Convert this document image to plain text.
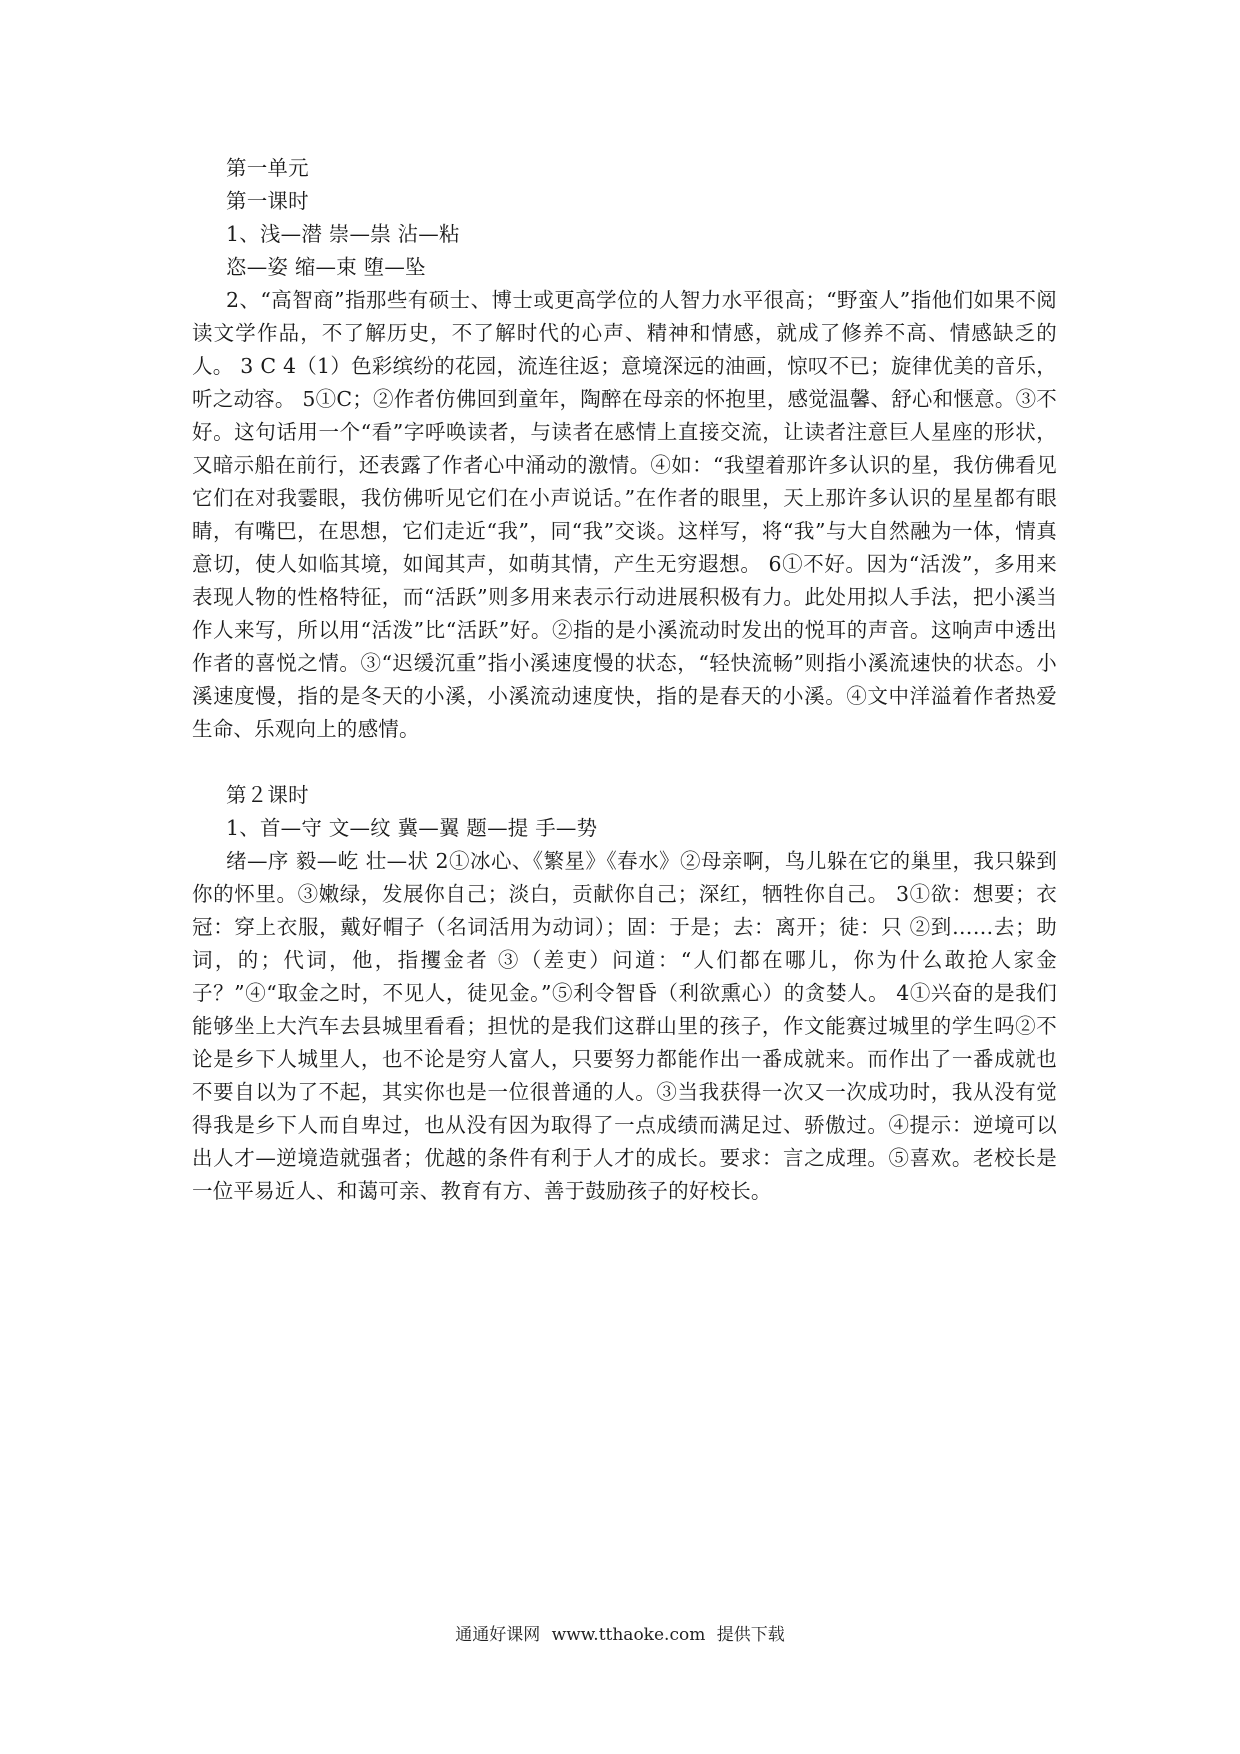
第一单元

第一课时

1、浅—潜 崇—祟 沾—粘

恣—姿 缩—束 堕—坠

2、“高智商”指那些有硕士、博士或更高学位的人智力水平很高；“野蛮人”指他们如果不阅读文学作品，不了解历史，不了解时代的心声、精神和情感，就成了修养不高、情感缺乏的人。 3 C 4（1）色彩缤纷的花园，流连往返；意境深远的油画，惊叹不已；旋律优美的音乐，听之动容。 5①C；②作者仿佛回到童年，陶醉在母亲的怀抱里，感觉温馨、舒心和惬意。③不好。这句话用一个“看”字呼唤读者，与读者在感情上直接交流，让读者注意巨人星座的形状，又暗示船在前行，还表露了作者心中涌动的激情。④如：“我望着那许多认识的星，我仿佛看见它们在对我霎眼，我仿佛听见它们在小声说话。”在作者的眼里，天上那许多认识的星星都有眼睛，有嘴巴，在思想，它们走近“我”，同“我”交谈。这样写，将“我”与大自然融为一体，情真意切，使人如临其境，如闻其声，如萌其情，产生无穷遐想。 6①不好。因为“活泼”，多用来表现人物的性格特征，而“活跃”则多用来表示行动进展积极有力。此处用拟人手法，把小溪当作人来写，所以用“活泼”比“活跃”好。②指的是小溪流动时发出的悦耳的声音。这响声中透出作者的喜悦之情。③“迟缓沉重”指小溪速度慢的状态，“轻快流畅”则指小溪流速快的状态。小溪速度慢，指的是冬天的小溪，小溪流动速度快，指的是春天的小溪。④文中洋溢着作者热爱生命、乐观向上的感情。

第２课时

1、首—守 文—纹 冀—翼 题—提 手—势

绪—序 毅—屹 壮—状 2①冰心、《繁星》《春水》②母亲啊，鸟儿躲在它的巢里，我只躲到你的怀里。③嫩绿，发展你自己；淡白，贡献你自己；深红，牺牲你自己。 3①欲：想要；衣冠：穿上衣服，戴好帽子（名词活用为动词）；固：于是；去：离开；徒：只 ②到……去；助词，的；代词，他，指攫金者 ③（差吏）问道：“人们都在哪儿，你为什么敢抢人家金子？”④“取金之时，不见人，徒见金。”⑤利令智昏（利欲熏心）的贪婪人。 4①兴奋的是我们能够坐上大汽车去县城里看看；担忧的是我们这群山里的孩子，作文能赛过城里的学生吗②不论是乡下人城里人，也不论是穷人富人，只要努力都能作出一番成就来。而作出了一番成就也不要自以为了不起，其实你也是一位很普通的人。③当我获得一次又一次成功时，我从没有觉得我是乡下人而自卑过，也从没有因为取得了一点成绩而满足过、骄傲过。④提示：逆境可以出人才—逆境造就强者；优越的条件有利于人才的成长。要求：言之成理。⑤喜欢。老校长是一位平易近人、和蔼可亲、教育有方、善于鼓励孩子的好校长。

通通好课网 www.tthaoke.com 提供下载
